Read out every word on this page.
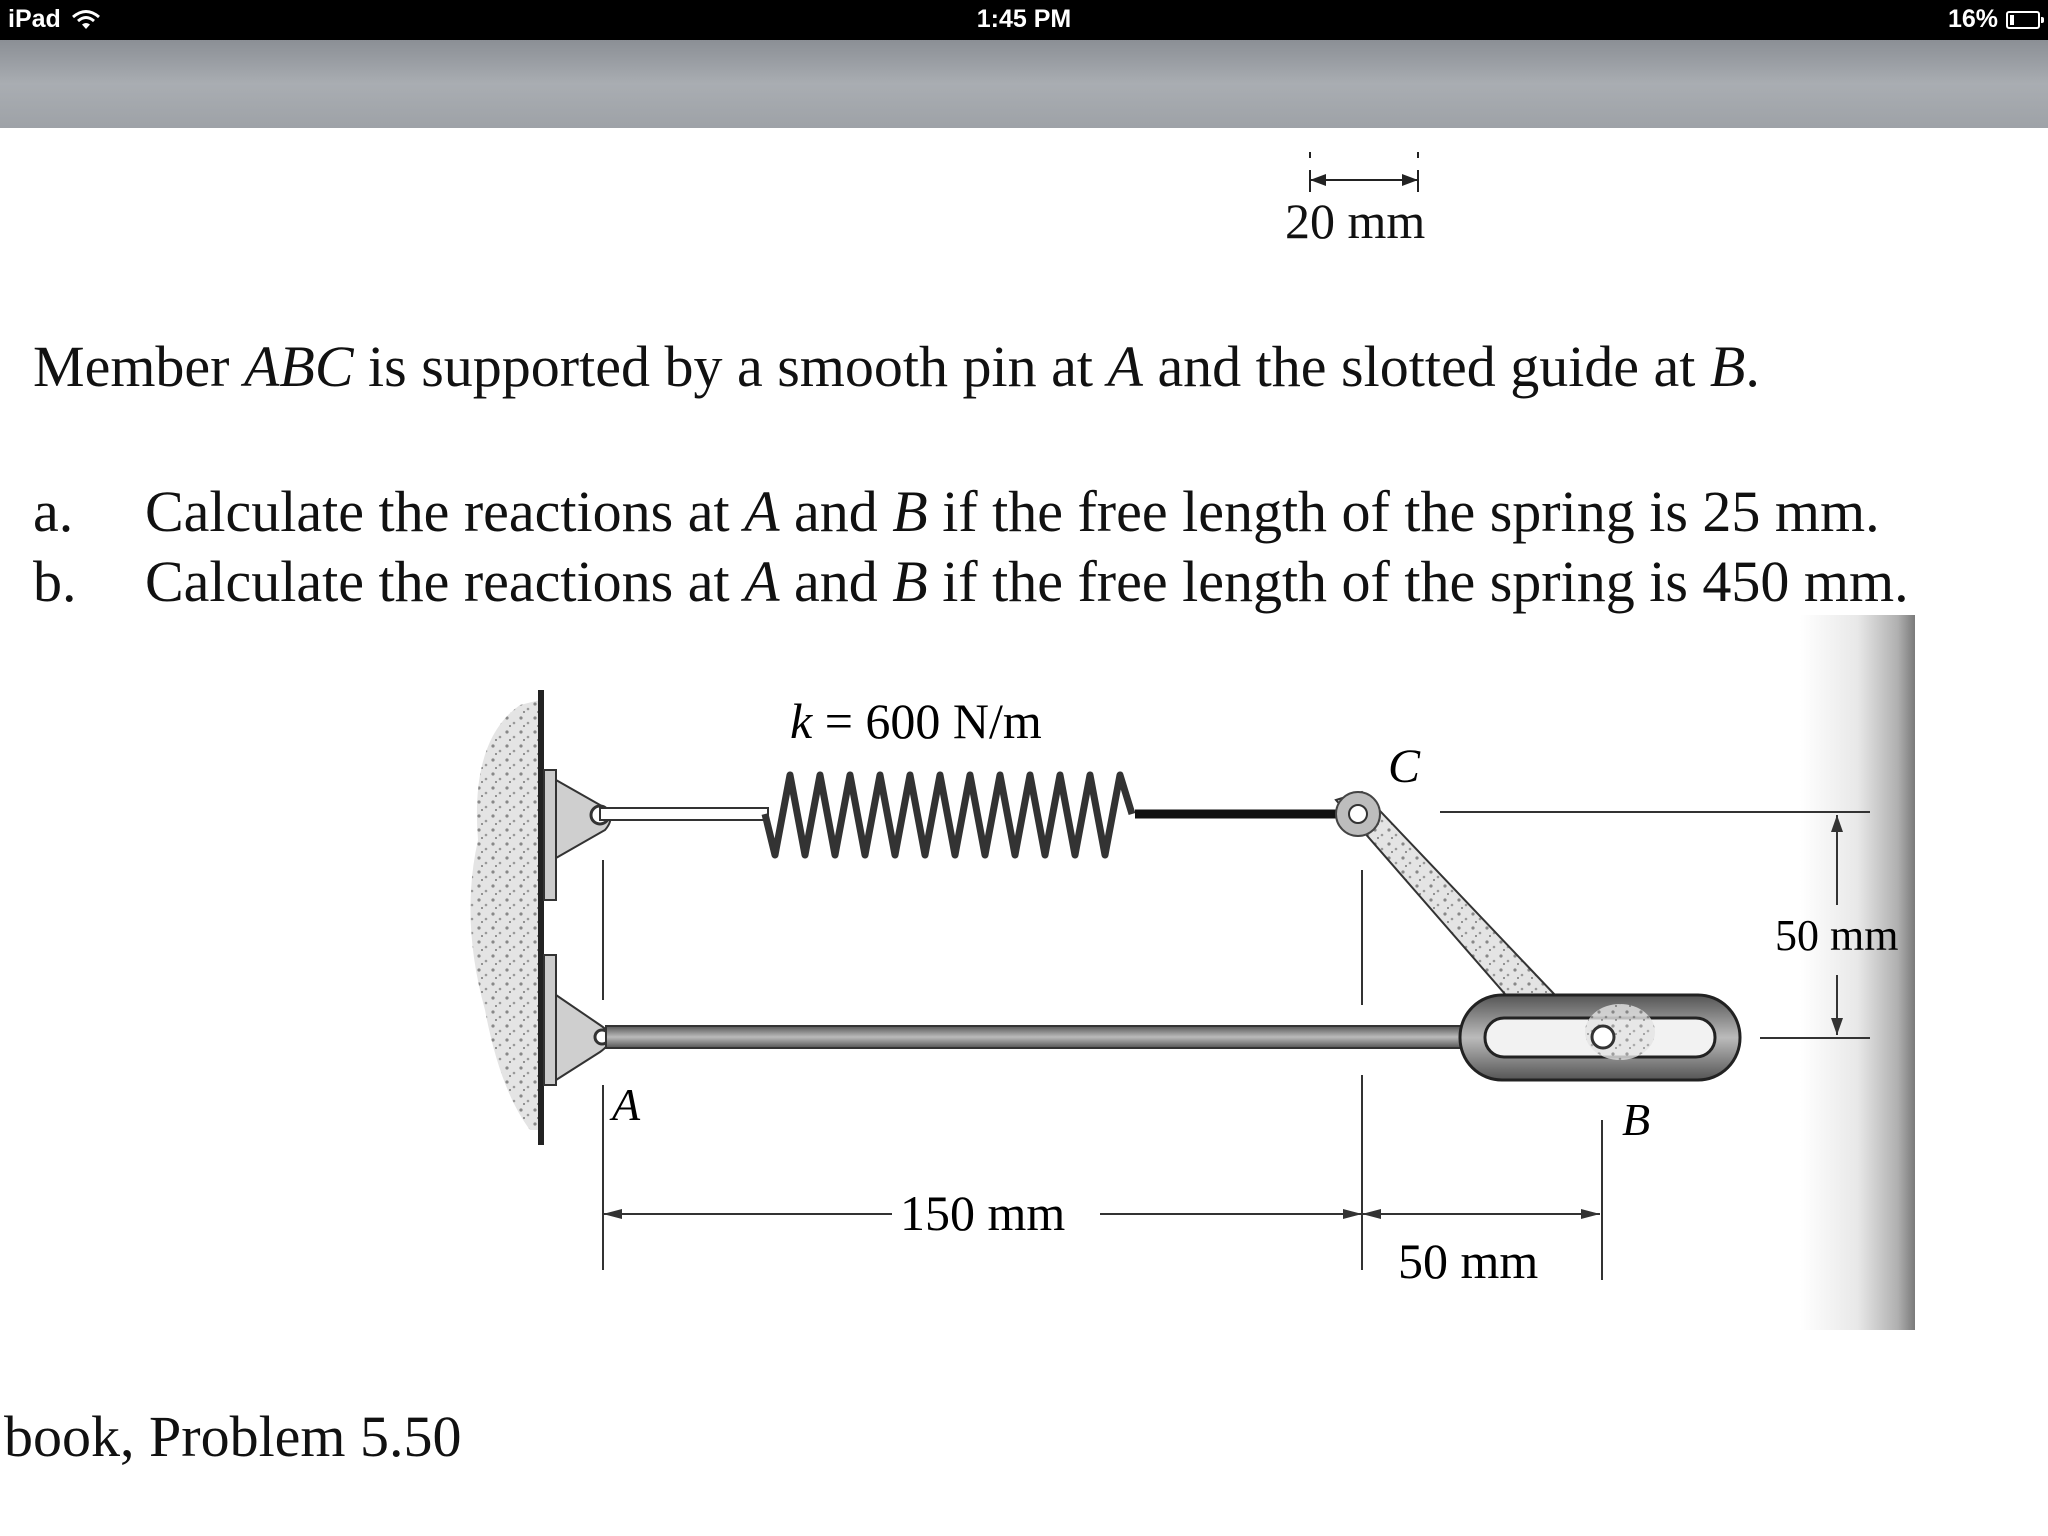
iPad	1:45 PM	16%
20 mm
Member ABC is supported by a smooth pin at A and the slotted guide at B.
a. Calculate the reactions at A and B if the free length of the spring is 25 mm.
b. Calculate the reactions at A and B if the free length of the spring is 450 mm.
k = 600 N/m
C
A	B
50 mm
150 mm
50 mm
book, Problem 5.50
